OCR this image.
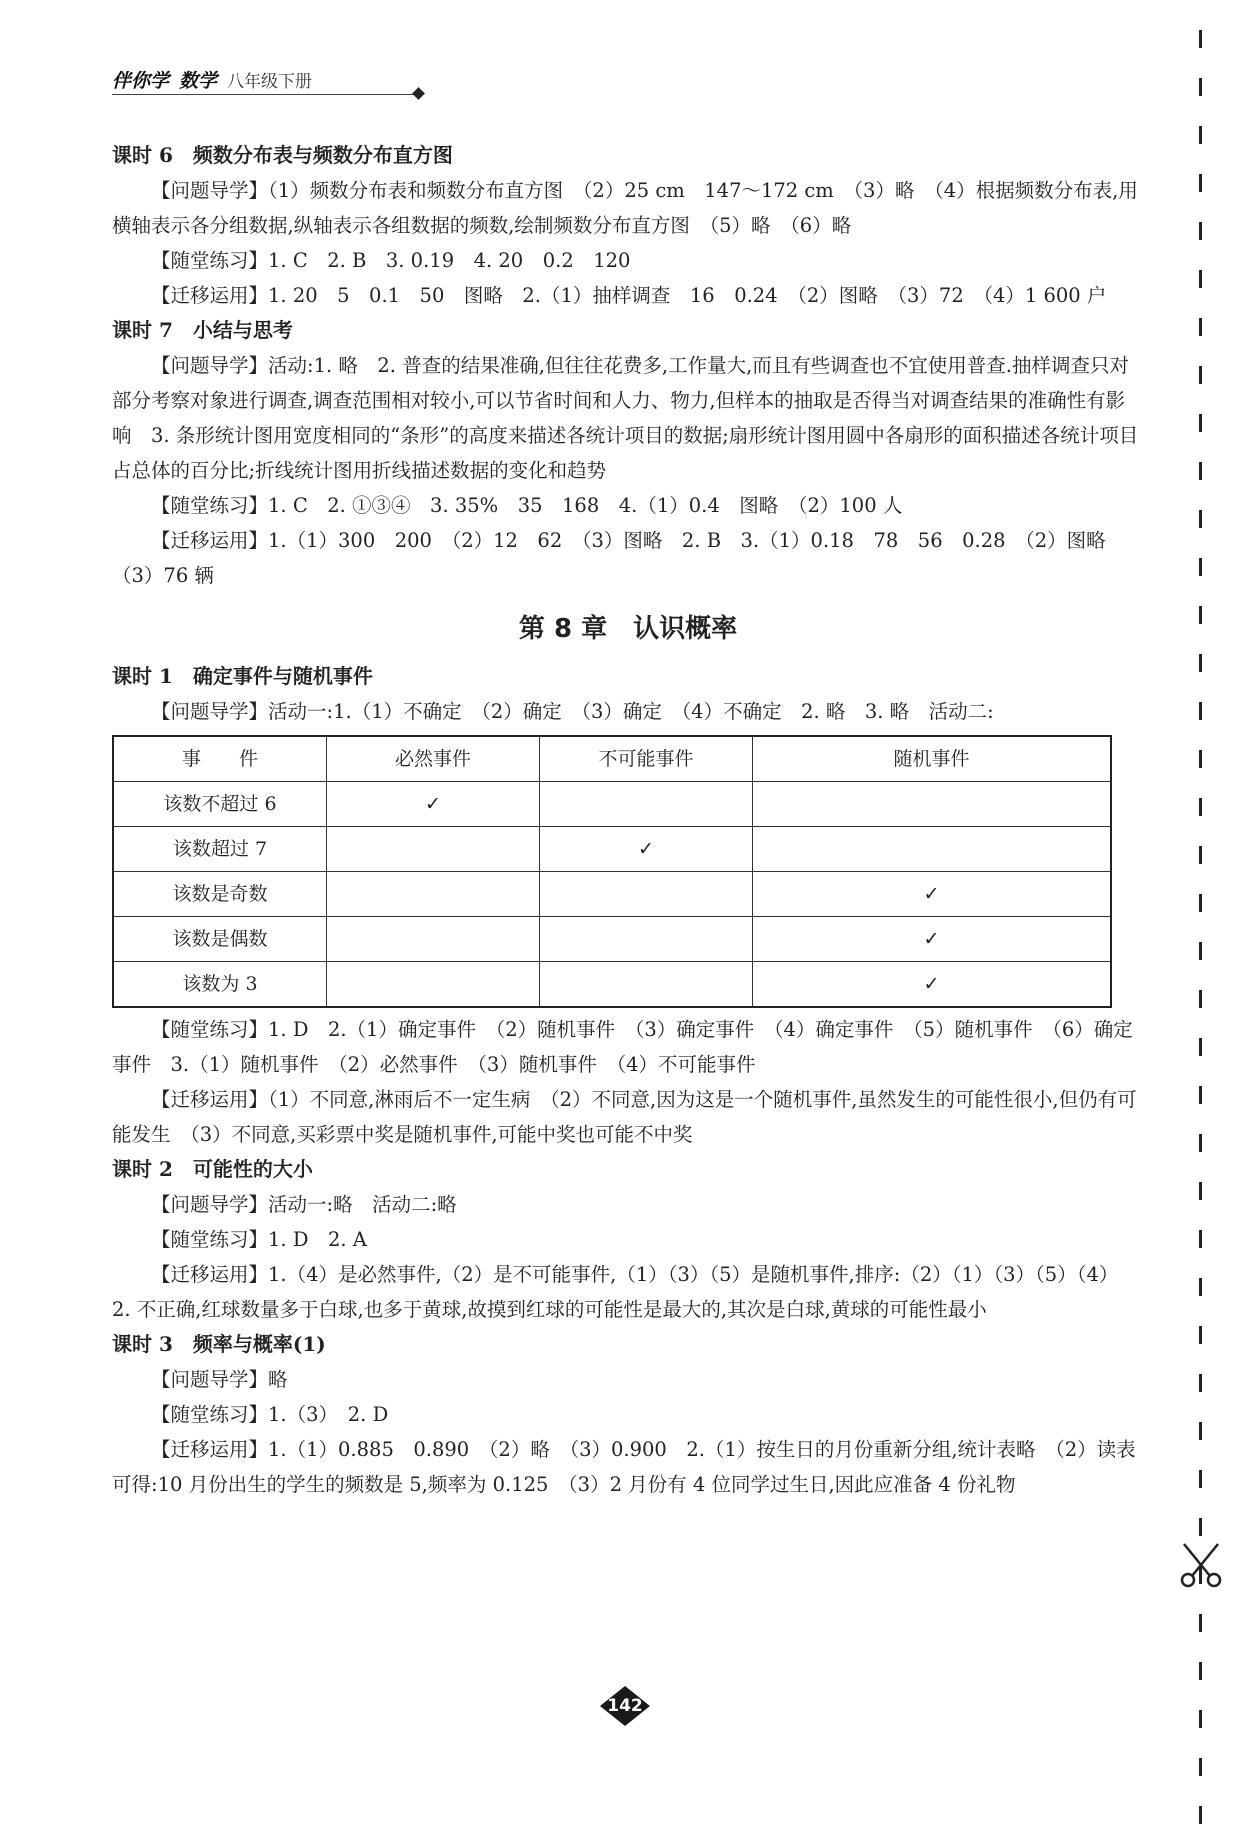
伴你学 数学 八年级下册
课时 6　频数分布表与频数分布直方图

【问题导学】（1）频数分布表和频数分布直方图　（2）25 cm　147～172 cm　（3）略　（4）根据频数分布表,用横轴表示各分组数据,纵轴表示各组数据的频数,绘制频数分布直方图　（5）略　（6）略

【随堂练习】1. C　2. B　3. 0.19　4. 20　0.2　120

【迁移运用】1. 20　5　0.1　50　图略　2.（1）抽样调查　16　0.24　（2）图略　（3）72　（4）1 600 户

课时 7　小结与思考

【问题导学】活动:1. 略　2. 普查的结果准确,但往往花费多,工作量大,而且有些调查也不宜使用普查.抽样调查只对部分考察对象进行调查,调查范围相对较小,可以节省时间和人力、物力,但样本的抽取是否得当对调查结果的准确性有影响　3. 条形统计图用宽度相同的“条形”的高度来描述各统计项目的数据;扇形统计图用圆中各扇形的面积描述各统计项目占总体的百分比;折线统计图用折线描述数据的变化和趋势

【随堂练习】1. C　2. ①③④　3. 35%　35　168　4.（1）0.4　图略　（2）100 人

【迁移运用】1.（1）300　200　（2）12　62　（3）图略　2. B　3.（1）0.18　78　56　0.28　（2）图略　（3）76 辆

第 8 章　认识概率
课时 1　确定事件与随机事件

【问题导学】活动一:1.（1）不确定　（2）确定　（3）确定　（4）不确定　2. 略　3. 略　活动二:

事　　件	必然事件	不可能事件	随机事件
该数不超过 6	✓		
该数超过 7		✓	
该数是奇数			✓
该数是偶数			✓
该数为 3			✓

【随堂练习】1. D　2.（1）确定事件　（2）随机事件　（3）确定事件　（4）确定事件　（5）随机事件　（6）确定事件　3.（1）随机事件　（2）必然事件　（3）随机事件　（4）不可能事件

【迁移运用】（1）不同意,淋雨后不一定生病　（2）不同意,因为这是一个随机事件,虽然发生的可能性很小,但仍有可能发生　（3）不同意,买彩票中奖是随机事件,可能中奖也可能不中奖

课时 2　可能性的大小

【问题导学】活动一:略　活动二:略

【随堂练习】1. D　2. A

【迁移运用】1.（4）是必然事件,（2）是不可能事件,（1）（3）（5）是随机事件,排序:（2）（1）（3）（5）（4）　2. 不正确,红球数量多于白球,也多于黄球,故摸到红球的可能性是最大的,其次是白球,黄球的可能性最小

课时 3　频率与概率(1)

【问题导学】略

【随堂练习】1.（3）　2. D

【迁移运用】1.（1）0.885　0.890　（2）略　（3）0.900　2.（1）按生日的月份重新分组,统计表略　（2）读表可得:10 月份出生的学生的频数是 5,频率为 0.125　（3）2 月份有 4 位同学过生日,因此应准备 4 份礼物

142
